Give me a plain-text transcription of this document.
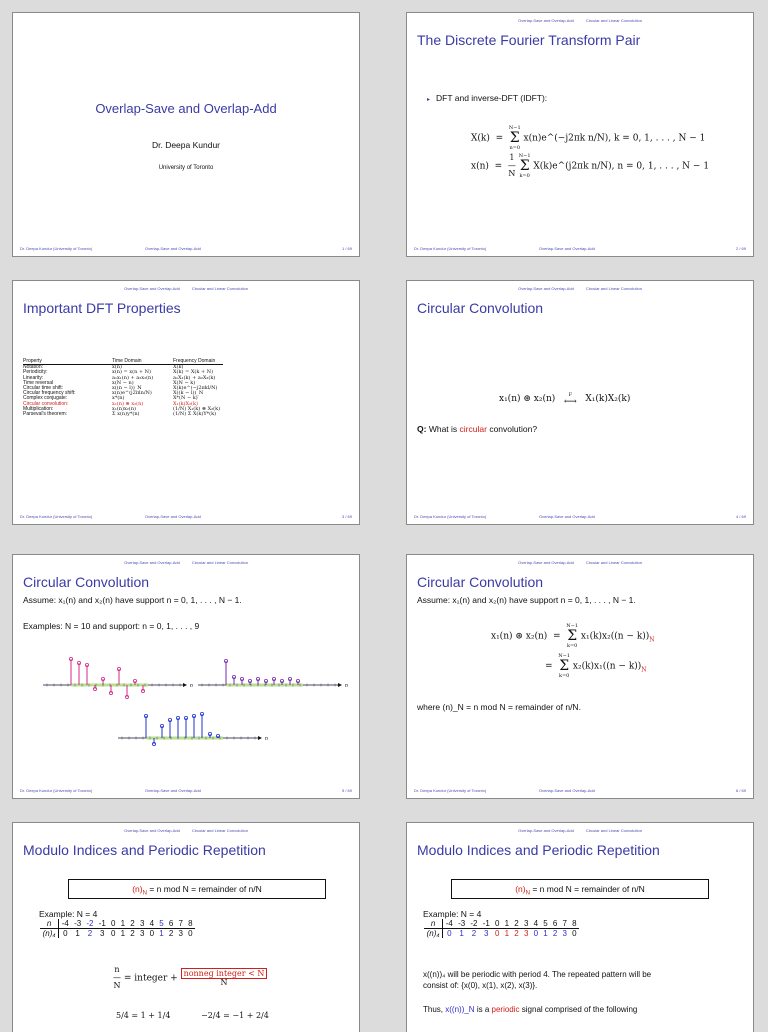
Overlap-Save and Overlap-Add
Dr. Deepa Kundur
University of Toronto
Dr. Deepa Kundur (University of Toronto)	Overlap-Save and Overlap-Add	1 / 69
Overlap-Save and Overlap-Add	Circular and Linear Convolution
The Discrete Fourier Transform Pair
▸ DFT and inverse-DFT (IDFT):
X(k)  =  N−1
Σ
n=0 x(n)e^(−j2πk n/N), k = 0, 1, . . . , N − 1
x(n)  =  1
—
N N−1
Σ
k=0 X(k)e^(j2πk n/N), n = 0, 1, . . . , N − 1
Dr. Deepa Kundur (University of Toronto)	Overlap-Save and Overlap-Add	2 / 69
Overlap-Save and Overlap-Add	Circular and Linear Convolution
Important DFT Properties
Property	Time Domain	Frequency Domain
Notation:	x(n)	X(k)
Periodicity:	x(n) = x(n + N)	X(k) = X(k + N)
Linearity:	a₁x₁(n) + a₂x₂(n)	a₁X₁(k) + a₂X₂(k)
Time reversal	x(N − n)	X(N − k)
Circular time shift:	x((n − l))_N	X(k)e^(−j2πkl/N)
Circular frequency shift:	x(n)e^(j2πln/N)	X((k − l))_N
Complex conjugate:	x*(n)	X*(N − k)
Circular convolution:	x₁(n) ⊛ x₂(n)	X₁(k)X₂(k)
Multiplication:	x₁(n)x₂(n)	(1/N) X₁(k) ⊛ X₂(k)
Parseval's theorem:	Σ x(n)y*(n)	(1/N) Σ X(k)Y*(k)
Dr. Deepa Kundur (University of Toronto)	Overlap-Save and Overlap-Add	3 / 69
Overlap-Save and Overlap-Add	Circular and Linear Convolution
Circular Convolution
x₁(n) ⊛ x₂(n)	F
⟷ X₁(k)X₂(k)
Q: What is circular convolution?
Dr. Deepa Kundur (University of Toronto)	Overlap-Save and Overlap-Add	4 / 69
Overlap-Save and Overlap-Add	Circular and Linear Convolution
Circular Convolution
Assume: x₁(n) and x₂(n) have support n = 0, 1, . . . , N − 1.
Examples: N = 10 and support: n = 0, 1, . . . , 9
n	n
n
Dr. Deepa Kundur (University of Toronto)	Overlap-Save and Overlap-Add	5 / 69
Overlap-Save and Overlap-Add	Circular and Linear Convolution
Circular Convolution
Assume: x₁(n) and x₂(n) have support n = 0, 1, . . . , N − 1.
x₁(n) ⊛ x₂(n)  =  N−1
Σ
k=0 $x_1(k)x_2((n - k))_N$
=  N−1
Σ
k=0 $x_2(k)x_1((n - k))_N$
where (n)_N = n mod N = remainder of n/N.
Dr. Deepa Kundur (University of Toronto)	Overlap-Save and Overlap-Add	6 / 69
Overlap-Save and Overlap-Add	Circular and Linear Convolution
Modulo Indices and Periodic Repetition
$(n)_N = n$ mod N = remainder of n/N
Example: N = 4
n	-4	-3	-2	-1	0	1	2	3	4	5	6	7	8
(n)₄	0	1	2	3	0	1	2	3	0	1	2	3	0
n
—
N = integer + nonneg integer < N
N
5/4 = 1 + 1/4	−2/4 = −1 + 2/4
Overlap-Save and Overlap-Add	Circular and Linear Convolution
Modulo Indices and Periodic Repetition
$(n)_N = n$ mod N = remainder of n/N
Example: N = 4
n	-4	-3	-2	-1	0	1	2	3	4	5	6	7	8
(n)₄	0	1	2	3	0	1	2	3	0	1	2	3	0
x((n))₄ will be periodic with period 4. The repeated pattern will be
consist of: {x(0), x(1), x(2), x(3)}.
Thus, x((n))_N is a periodic signal comprised of the following
